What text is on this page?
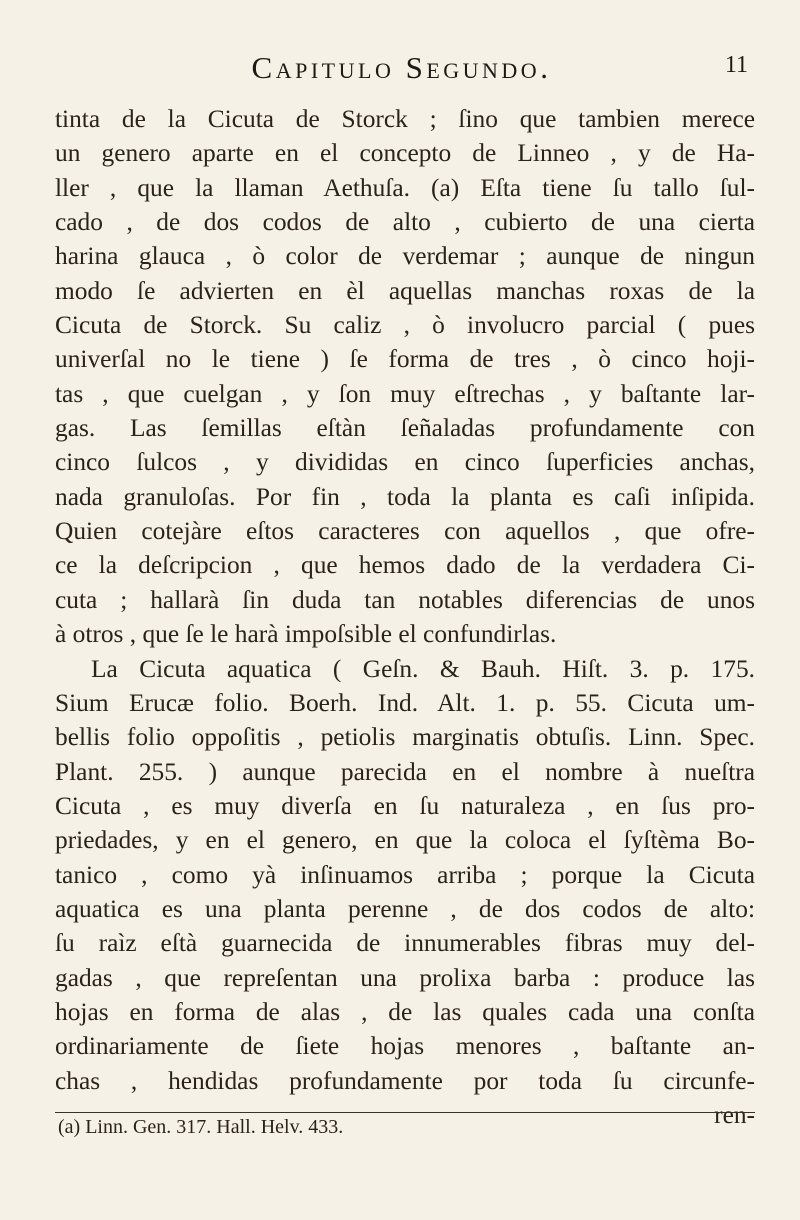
Capitulo Segundo.	11
tinta de la Cicuta de Storck ; ſino que tambien merece
un genero aparte en el concepto de Linneo , y de Ha-
ller , que la llaman Aethuſa. (a) Eſta tiene ſu tallo ſul-
cado , de dos codos de alto , cubierto de una cierta
harina glauca , ò color de verdemar ; aunque de ningun
modo ſe advierten en èl aquellas manchas roxas de la
Cicuta de Storck. Su caliz , ò involucro parcial ( pues
univerſal no le tiene ) ſe forma de tres , ò cinco hoji-
tas , que cuelgan , y ſon muy eſtrechas , y baſtante lar-
gas. Las ſemillas eſtàn ſeñaladas profundamente con
cinco ſulcos , y divididas en cinco ſuperficies anchas,
nada granuloſas. Por fin , toda la planta es caſi inſipida.
Quien cotejàre eſtos caracteres con aquellos , que ofre-
ce la deſcripcion , que hemos dado de la verdadera Ci-
cuta ; hallarà ſin duda tan notables diferencias de unos
à otros , que ſe le harà impoſsible el confundirlas.
La Cicuta aquatica ( Geſn. & Bauh. Hiſt. 3. p. 175.
Sium Erucæ folio. Boerh. Ind. Alt. 1. p. 55. Cicuta um-
bellis folio oppoſitis , petiolis marginatis obtuſis. Linn. Spec.
Plant. 255. ) aunque parecida en el nombre à nueſtra
Cicuta , es muy diverſa en ſu naturaleza , en ſus pro-
priedades, y en el genero, en que la coloca el ſyſtèma Bo-
tanico , como yà inſinuamos arriba ; porque la Cicuta
aquatica es una planta perenne , de dos codos de alto:
ſu raìz eſtà guarnecida de innumerables fibras muy del-
gadas , que repreſentan una prolixa barba : produce las
hojas en forma de alas , de las quales cada una conſta
ordinariamente de ſiete hojas menores , baſtante an-
chas , hendidas profundamente por toda ſu circunfe-
ren-
(a) Linn. Gen. 317. Hall. Helv. 433.
